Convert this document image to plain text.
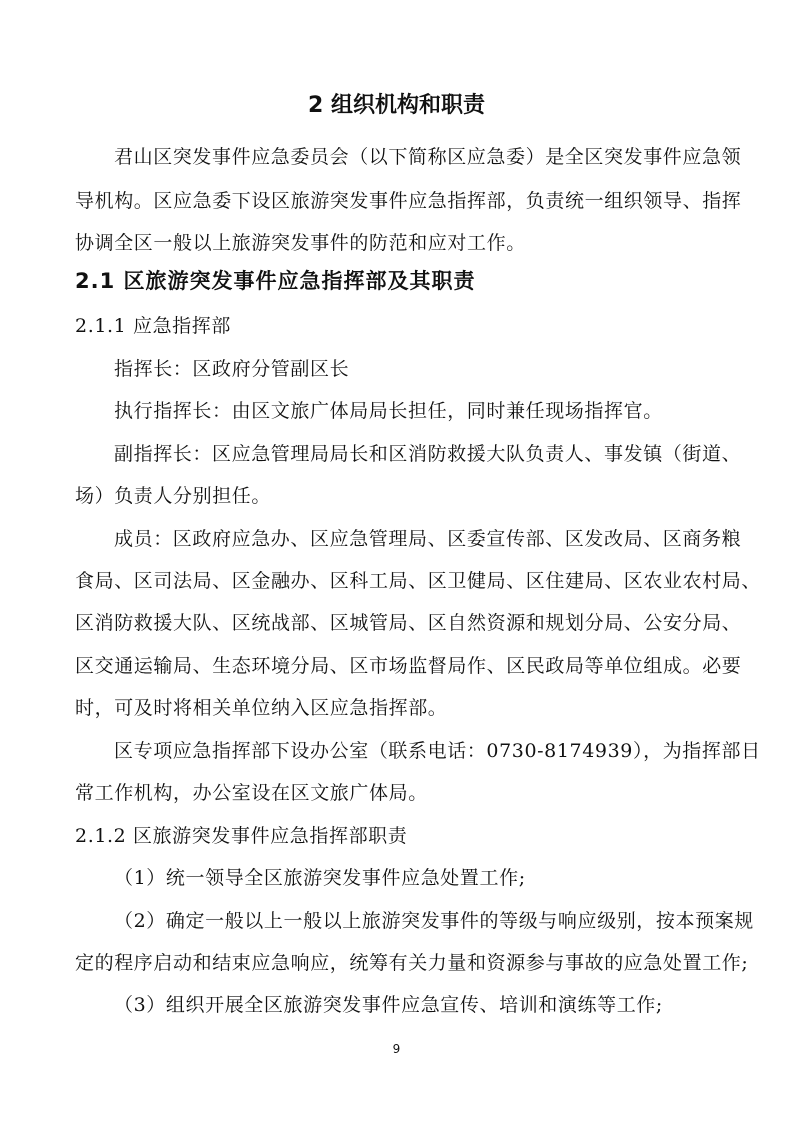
2 组织机构和职责

君山区突发事件应急委员会（以下简称区应急委）是全区突发事件应急领

导机构。区应急委下设区旅游突发事件应急指挥部，负责统一组织领导、指挥

协调全区一般以上旅游突发事件的防范和应对工作。

2.1 区旅游突发事件应急指挥部及其职责

2.1.1 应急指挥部

指挥长：区政府分管副区长

执行指挥长：由区文旅广体局局长担任，同时兼任现场指挥官。

副指挥长：区应急管理局局长和区消防救援大队负责人、事发镇（街道、

场）负责人分别担任。

成员：区政府应急办、区应急管理局、区委宣传部、区发改局、区商务粮

食局、区司法局、区金融办、区科工局、区卫健局、区住建局、区农业农村局、

区消防救援大队、区统战部、区城管局、区自然资源和规划分局、公安分局、

区交通运输局、生态环境分局、区市场监督局作、区民政局等单位组成。必要

时，可及时将相关单位纳入区应急指挥部。

区专项应急指挥部下设办公室（联系电话：0730-8174939），为指挥部日

常工作机构，办公室设在区文旅广体局。

2.1.2 区旅游突发事件应急指挥部职责

（1）统一领导全区旅游突发事件应急处置工作;

（2）确定一般以上一般以上旅游突发事件的等级与响应级别，按本预案规

定的程序启动和结束应急响应，统筹有关力量和资源参与事故的应急处置工作;

（3）组织开展全区旅游突发事件应急宣传、培训和演练等工作;

9
